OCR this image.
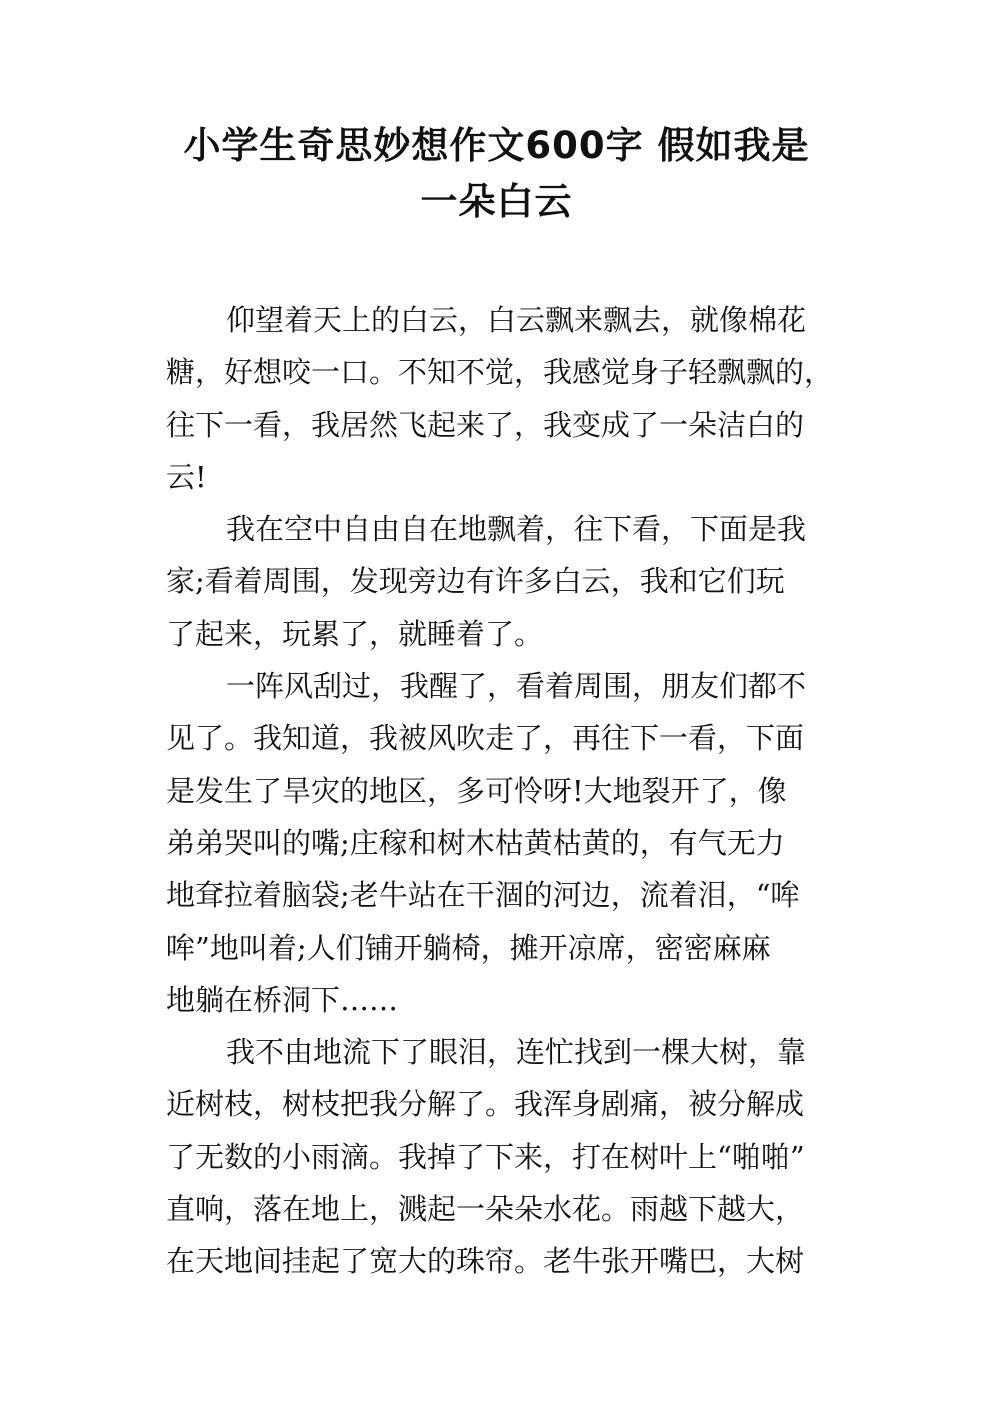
小学生奇思妙想作文600字 假如我是
一朵白云
仰望着天上的白云，白云飘来飘去，就像棉花
糖，好想咬一口。不知不觉，我感觉身子轻飘飘的，
往下一看，我居然飞起来了，我变成了一朵洁白的
云!
我在空中自由自在地飘着，往下看，下面是我
家;看着周围，发现旁边有许多白云，我和它们玩
了起来，玩累了，就睡着了。
一阵风刮过，我醒了，看着周围，朋友们都不
见了。我知道，我被风吹走了，再往下一看，下面
是发生了旱灾的地区，多可怜呀!大地裂开了，像
弟弟哭叫的嘴;庄稼和树木枯黄枯黄的，有气无力
地耷拉着脑袋;老牛站在干涸的河边，流着泪，“哞
哞”地叫着;人们铺开躺椅，摊开凉席，密密麻麻
地躺在桥洞下……
我不由地流下了眼泪，连忙找到一棵大树，靠
近树枝，树枝把我分解了。我浑身剧痛，被分解成
了无数的小雨滴。我掉了下来，打在树叶上“啪啪”
直响，落在地上，溅起一朵朵水花。雨越下越大，
在天地间挂起了宽大的珠帘。老牛张开嘴巴，大树
